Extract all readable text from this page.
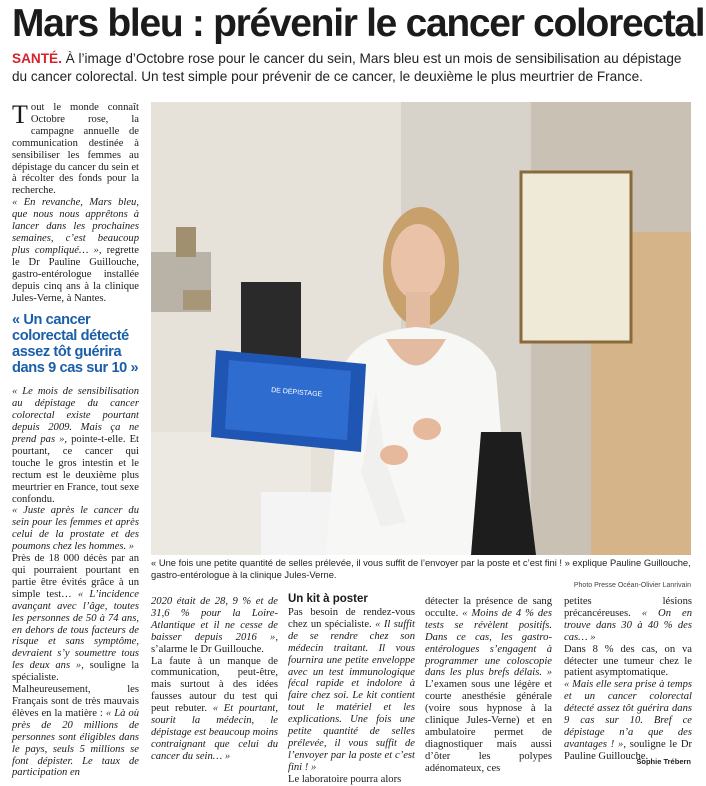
Mars bleu : prévenir le cancer colorectal
SANTÉ. À l’image d’Octobre rose pour le cancer du sein, Mars bleu est un mois de sensibilisation au dépistage du cancer colorectal. Un test simple pour prévenir de ce cancer, le deuxième le plus meurtrier de France.

Tout le monde connaît Octobre rose, la campagne annuelle de communication destinée à sensibiliser les femmes au dépistage du cancer du sein et à récolter des fonds pour la recherche.

« En revanche, Mars bleu, que nous nous apprêtons à lancer dans les prochaines semaines, c’est beaucoup plus compliqué… », regrette le Dr Pauline Guillouche, gastro-entérologue installée depuis cinq ans à la clinique Jules-Verne, à Nantes.

« Un cancer colorectal détecté assez tôt guérira dans 9 cas sur 10 »

« Le mois de sensibilisation au dépistage du cancer colorectal existe pourtant depuis 2009. Mais ça ne prend pas », pointe-t-elle. Et pourtant, ce cancer qui touche le gros intestin et le rectum est le deuxième plus meurtrier en France, tout sexe confondu.

« Juste après le cancer du sein pour les femmes et après celui de la prostate et des poumons chez les hommes. »

Près de 18 000 décès par an qui pourraient pourtant en partie être évités grâce à un simple test… « L’incidence avançant avec l’âge, toutes les personnes de 50 à 74 ans, en dehors de tous facteurs de risque et sans symptôme, devraient s’y soumettre tous les deux ans », souligne la spécialiste.

Malheureusement, les Français sont de très mauvais élèves en la matière : « Là où près de 20 millions de personnes sont éligibles dans le pays, seuls 5 millions se font dépister. Le taux de participation en

DE DÉPISTAGE
« Une fois une petite quantité de selles prélevée, il vous suffit de l’envoyer par la poste et c’est fini ! » explique Pauline Guillouche, gastro-entérologue à la clinique Jules-Verne.
Photo Presse Océan-Olivier Lanrivain

2020 était de 28, 9 % et de 31,6 % pour la Loire-Atlantique et il ne cesse de baisser depuis 2016 », s’alarme le Dr Guillouche.

La faute à un manque de communication, peut-être, mais surtout à des idées fausses autour du test qui peut rebuter. « Et pourtant, sourit la médecin, le dépistage est beaucoup moins contraignant que celui du cancer du sein… »

Un kit à poster

Pas besoin de rendez-vous chez un spécialiste. « Il suffit de se rendre chez son médecin traitant. Il vous fournira une petite enveloppe avec un test immunologique fécal rapide et indolore à faire chez soi. Le kit contient tout le matériel et les explications. Une fois une petite quantité de selles prélevée, il vous suffit de l’envoyer par la poste et c’est fini ! »

Le laboratoire pourra alors

détecter la présence de sang occulte. « Moins de 4 % des tests se révèlent positifs. Dans ce cas, les gastro-entérologues s’engagent à programmer une coloscopie dans les plus brefs délais. » L’examen sous une légère et courte anesthésie générale (voire sous hypnose à la clinique Jules-Verne) et en ambulatoire permet de diagnostiquer mais aussi d’ôter les polypes adénomateux, ces

petites lésions précancéreuses. « On en trouve dans 30 à 40 % des cas… »

Dans 8 % des cas, on va détecter une tumeur chez le patient asymptomatique.

« Mais elle sera prise à temps et un cancer colorectal détecté assez tôt guérira dans 9 cas sur 10. Bref ce dépistage n’a que des avantages ! », souligne le Dr Pauline Guillouche.

Sophie Trébern
